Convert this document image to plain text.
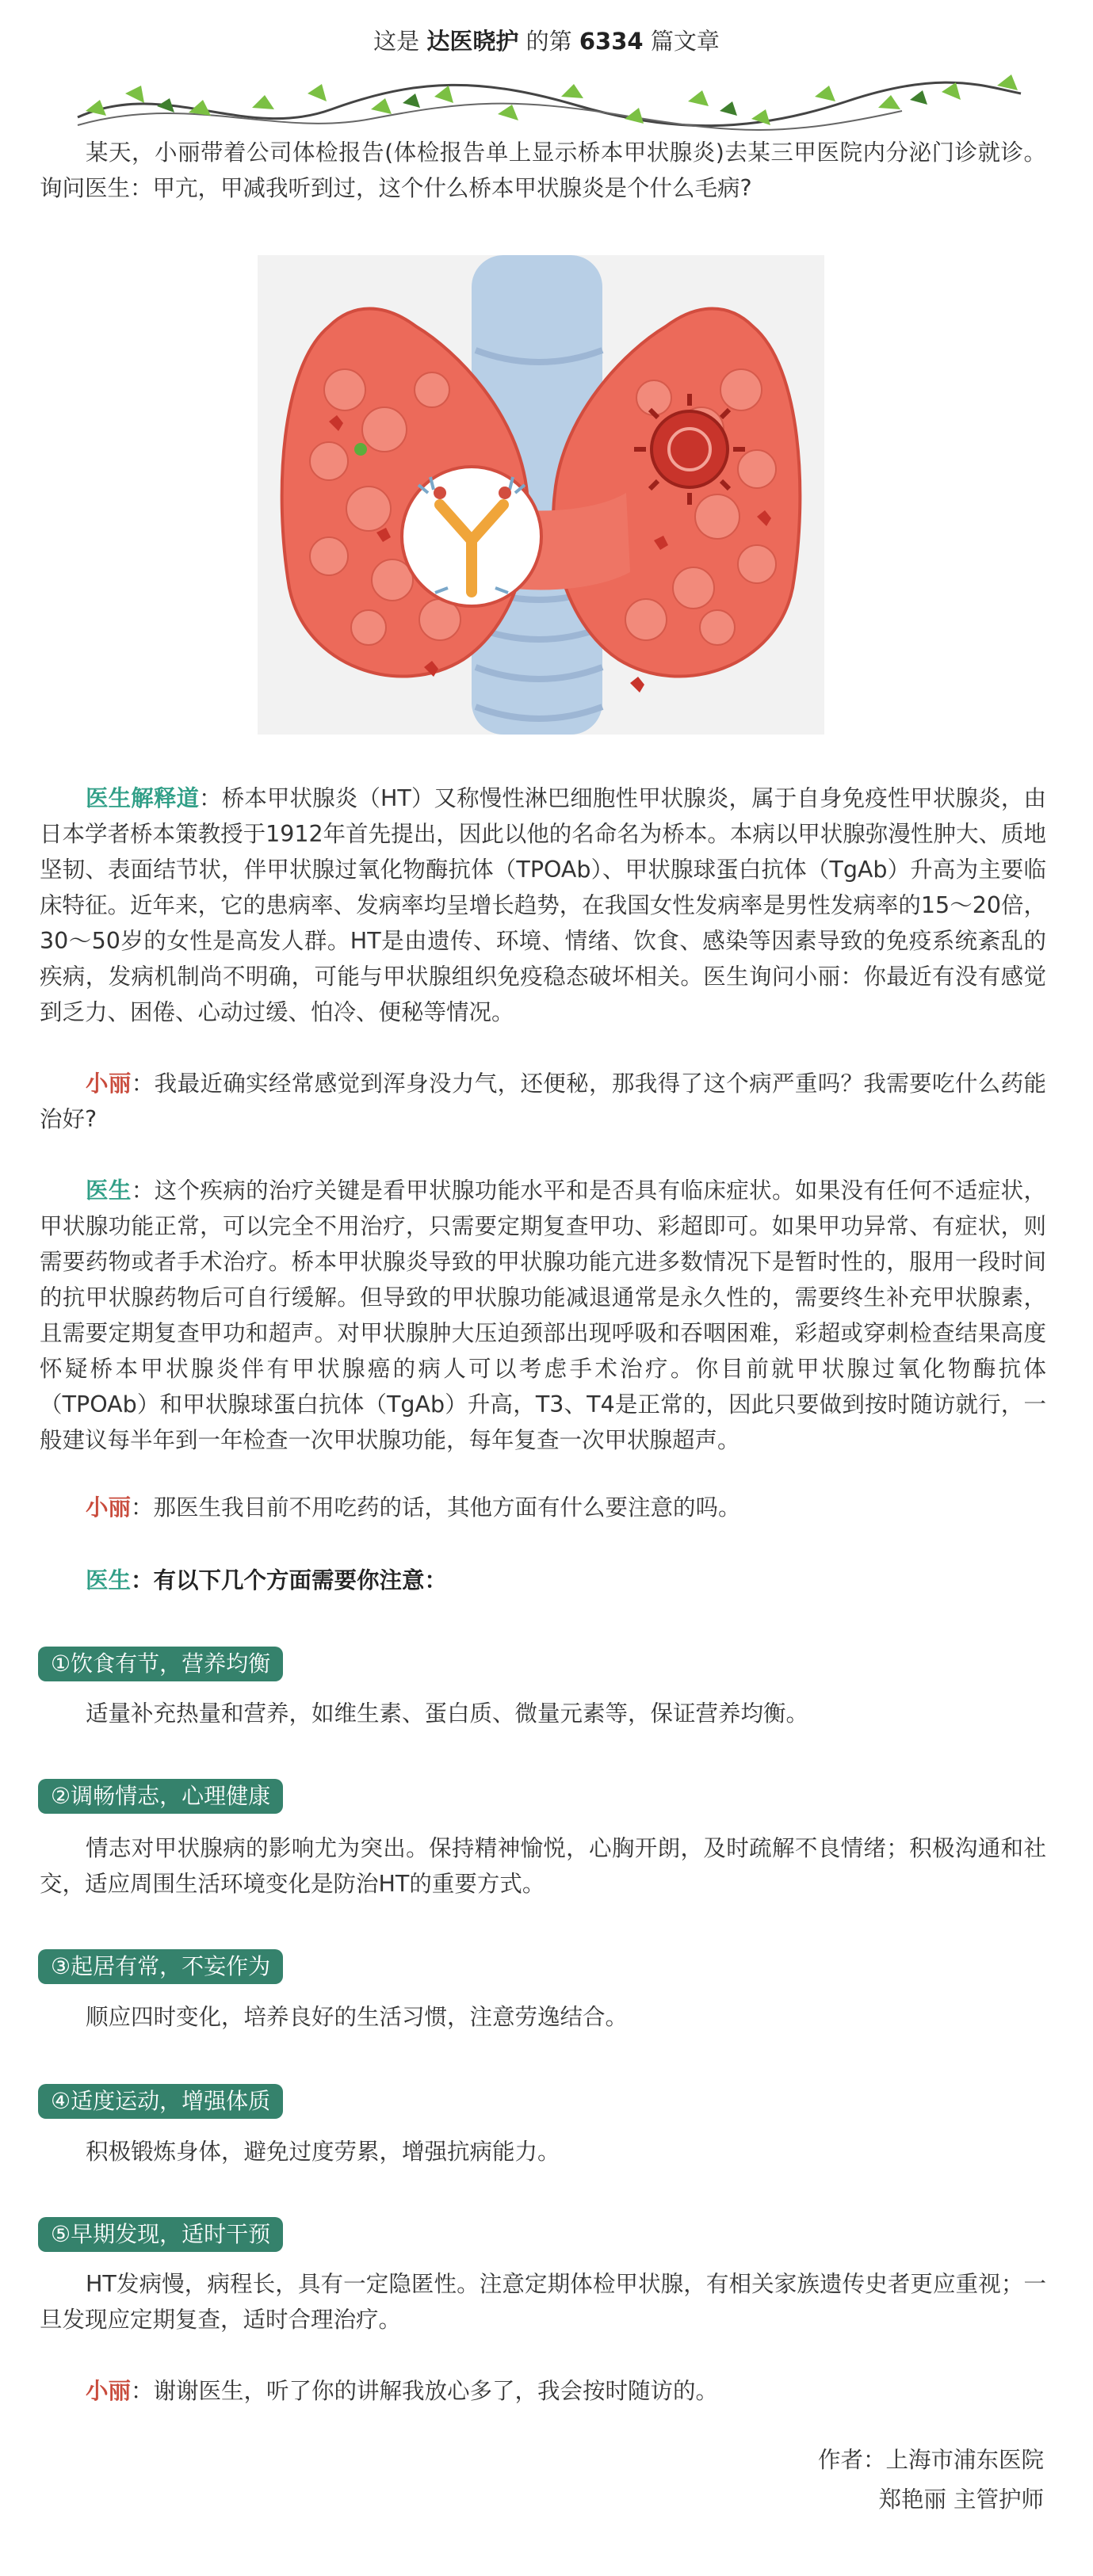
这是 达医晓护 的第 6334 篇文章
某天，小丽带着公司体检报告(体检报告单上显示桥本甲状腺炎)去某三甲医院内分泌门诊就诊。询问医生：甲亢，甲减我听到过，这个什么桥本甲状腺炎是个什么毛病?
医生解释道：桥本甲状腺炎（HT）又称慢性淋巴细胞性甲状腺炎，属于自身免疫性甲状腺炎，由日本学者桥本策教授于1912年首先提出，因此以他的名命名为桥本。本病以甲状腺弥漫性肿大、质地坚韧、表面结节状，伴甲状腺过氧化物酶抗体（TPOAb）、甲状腺球蛋白抗体（TgAb）升高为主要临床特征。近年来，它的患病率、发病率均呈增长趋势，在我国女性发病率是男性发病率的15～20倍，30～50岁的女性是高发人群。HT是由遗传、环境、情绪、饮食、感染等因素导致的免疫系统紊乱的疾病，发病机制尚不明确，可能与甲状腺组织免疫稳态破坏相关。医生询问小丽：你最近有没有感觉到乏力、困倦、心动过缓、怕冷、便秘等情况。
小丽：我最近确实经常感觉到浑身没力气，还便秘，那我得了这个病严重吗？我需要吃什么药能治好?
医生：这个疾病的治疗关键是看甲状腺功能水平和是否具有临床症状。如果没有任何不适症状，甲状腺功能正常，可以完全不用治疗，只需要定期复查甲功、彩超即可。如果甲功异常、有症状，则需要药物或者手术治疗。桥本甲状腺炎导致的甲状腺功能亢进多数情况下是暂时性的，服用一段时间的抗甲状腺药物后可自行缓解。但导致的甲状腺功能减退通常是永久性的，需要终生补充甲状腺素，且需要定期复查甲功和超声。对甲状腺肿大压迫颈部出现呼吸和吞咽困难，彩超或穿刺检查结果高度怀疑桥本甲状腺炎伴有甲状腺癌的病人可以考虑手术治疗。你目前就甲状腺过氧化物酶抗体（TPOAb）和甲状腺球蛋白抗体（TgAb）升高，T3、T4是正常的，因此只要做到按时随访就行，一般建议每半年到一年检查一次甲状腺功能，每年复查一次甲状腺超声。
小丽：那医生我目前不用吃药的话，其他方面有什么要注意的吗。
医生：有以下几个方面需要你注意：
①饮食有节，营养均衡
适量补充热量和营养，如维生素、蛋白质、微量元素等，保证营养均衡。
②调畅情志，心理健康
情志对甲状腺病的影响尤为突出。保持精神愉悦，心胸开朗，及时疏解不良情绪；积极沟通和社交，适应周围生活环境变化是防治HT的重要方式。
③起居有常，不妄作为
顺应四时变化，培养良好的生活习惯，注意劳逸结合。
④适度运动，增强体质
积极锻炼身体，避免过度劳累，增强抗病能力。
⑤早期发现，适时干预
HT发病慢，病程长，具有一定隐匿性。注意定期体检甲状腺，有相关家族遗传史者更应重视；一旦发现应定期复查，适时合理治疗。
小丽：谢谢医生，听了你的讲解我放心多了，我会按时随访的。
作者：上海市浦东医院
郑艳丽 主管护师
